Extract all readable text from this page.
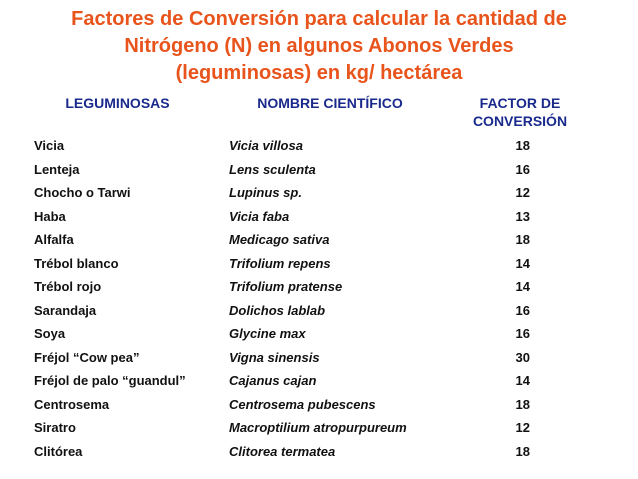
Factores de Conversión para calcular la cantidad de
Nitrógeno (N) en algunos Abonos Verdes
(leguminosas) en kg/ hectárea
LEGUMINOSAS	NOMBRE CIENTÍFICO	FACTOR DE
CONVERSIÓN
Vicia	Vicia villosa	18
Lenteja	Lens sculenta	16
Chocho o Tarwi	Lupinus sp.	12
Haba	Vicia faba	13
Alfalfa	Medicago sativa	18
Trébol blanco	Trifolium repens	14
Trébol rojo	Trifolium pratense	14
Sarandaja	Dolichos lablab	16
Soya	Glycine max	16
Fréjol “Cow pea”	Vigna sinensis	30
Fréjol de palo “guandul”	Cajanus cajan	14
Centrosema	Centrosema pubescens	18
Siratro	Macroptilium atropurpureum	12
Clitórea	Clitorea termatea	18
